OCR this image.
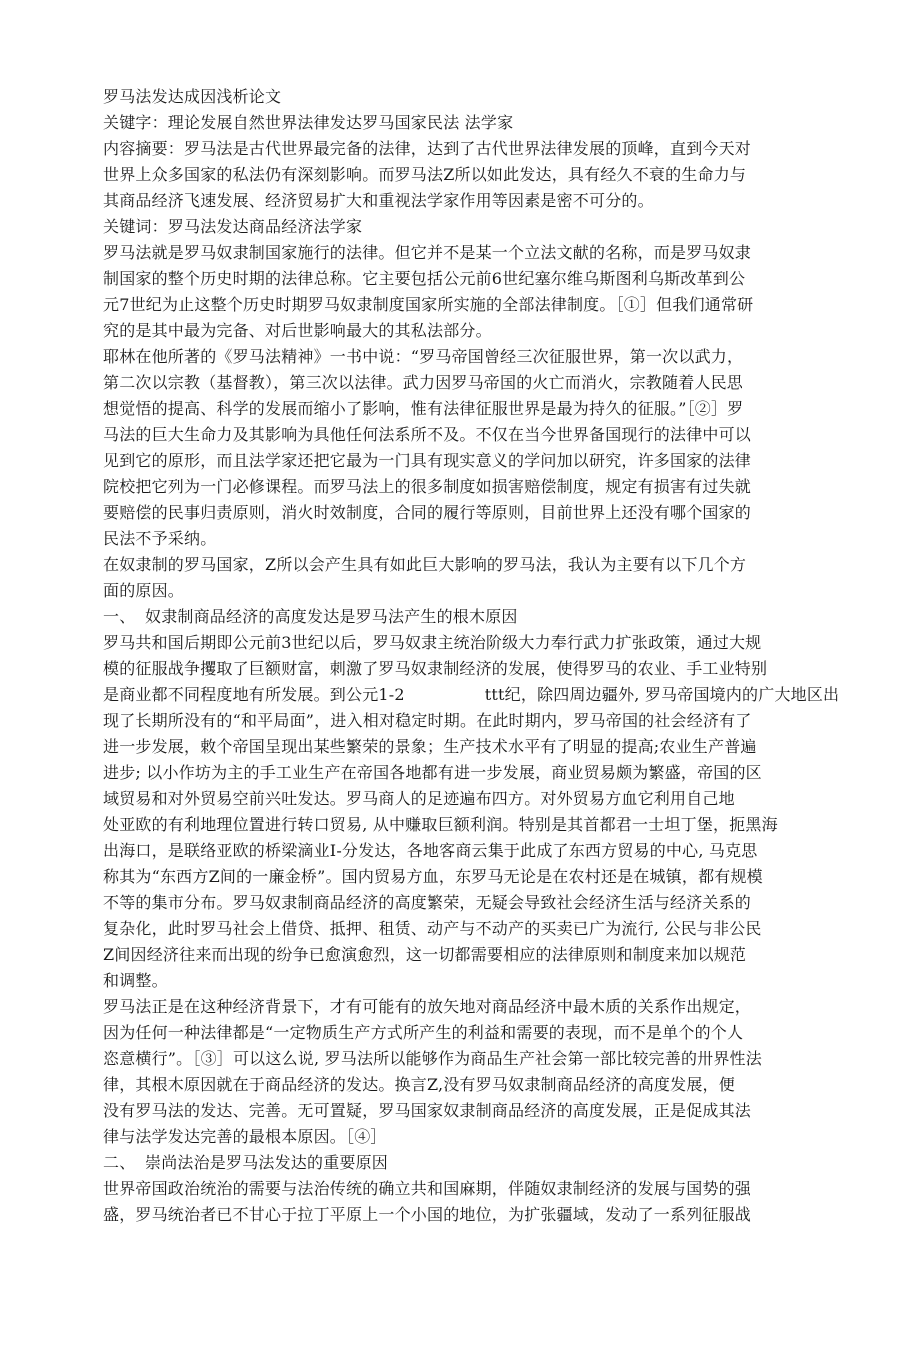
罗马法发达成因浅析论文
关键字：理论发展自然世界法律发达罗马国家民法 法学家
内容摘要：罗马法是古代世界最完备的法律，达到了古代世界法律发展的顶峰，直到今天对
世界上众多国家的私法仍有深刻影响。而罗马法Z所以如此发达，具有经久不衰的生命力与
其商品经济飞速发展、经济贸易扩大和重视法学家作用等因素是密不可分的。
关键词：罗马法发达商品经济法学家
罗马法就是罗马奴隶制国家施行的法律。但它并不是某一个立法文献的名称，而是罗马奴隶
制国家的整个历史时期的法律总称。它主要包括公元前6世纪塞尔维乌斯图利乌斯改革到公
元7世纪为止这整个历史时期罗马奴隶制度国家所实施的全部法律制度。［①］但我们通常研
究的是其中最为完备、对后世影响最大的其私法部分。
耶林在他所著的《罗马法精神》一书中说：“罗马帝国曾经三次征服世界，第一次以武力，
第二次以宗教（基督教），第三次以法律。武力因罗马帝国的火亡而消火，宗教随着人民思
想觉悟的提高、科学的发展而缩小了影响，惟有法律征服世界是最为持久的征服。”［②］罗
马法的巨大生命力及其影响为具他任何法系所不及。不仅在当今世界备国现行的法律中可以
见到它的原形，而且法学家还把它最为一门具有现实意义的学问加以研究，许多国家的法律
院校把它列为一门必修课程。而罗马法上的很多制度如损害赔偿制度，规定有损害有过失就
要赔偿的民事归责原则，消火时效制度，合同的履行等原则，目前世界上还没有哪个国家的
民法不予采纳。
在奴隶制的罗马国家，Z所以会产生具有如此巨大影响的罗马法，我认为主要有以下几个方
面的原因。
一、 奴隶制商品经济的高度发达是罗马法产生的根木原因
罗马共和国后期即公元前3世纪以后，罗马奴隶主统治阶级大力奉行武力扩张政策，通过大规
模的征服战争攫取了巨额财富，刺激了罗马奴隶制经济的发展，使得罗马的农业、手工业特别
是商业都不同程度地有所发展。到公元1-2	ttt纪，除四周边疆外, 罗马帝国境内的广大地区出
现了长期所没有的“和平局面”，进入相对稳定时期。在此时期内，罗马帝国的社会经济有了
进一步发展，敕个帝国呈现出某些繁荣的景象；生产技术水平有了明显的提高;农业生产普遍
进步; 以小作坊为主的手工业生产在帝国各地都有进一步发展，商业贸易颇为繁盛，帝国的区
域贸易和对外贸易空前兴吐发达。罗马商人的足迹遍布四方。对外贸易方血它利用自己地
处亚欧的有利地理位置进行转口贸易, 从中赚取巨额利润。特别是其首都君一士坦丁堡，扼黑海
出海口，是联络亚欧的桥梁滴业I-分发达，各地客商云集于此成了东西方贸易的中心, 马克思
称其为“东西方Z间的一廉金桥”。国内贸易方血，东罗马无论是在农村还是在城镇，都有规模
不等的集市分布。罗马奴隶制商品经济的高度繁荣，无疑会导致社会经济生活与经济关系的
复杂化，此时罗马社会上借贷、抵押、租赁、动产与不动产的买卖已广为流行, 公民与非公民
Z间因经济往来而出现的纷争已愈演愈烈，这一切都需要相应的法律原则和制度来加以规范
和调整。
罗马法正是在这种经济背景下，才有可能有的放矢地对商品经济中最木质的关系作出规定，
因为任何一种法律都是“一定物质生产方式所产生的利益和需要的表现，而不是单个的个人
恣意横行”。［③］可以这么说, 罗马法所以能够作为商品生产社会第一部比较完善的卅界性法
律，其根木原因就在于商品经济的发达。换言Z,没有罗马奴隶制商品经济的高度发展，便
没有罗马法的发达、完善。无可置疑，罗马国家奴隶制商品经济的高度发展，正是促成其法
律与法学发达完善的最根本原因。［④］
二、 崇尚法治是罗马法发达的重要原因
世界帝国政治统治的需要与法治传统的确立共和国麻期，伴随奴隶制经济的发展与国势的强
盛，罗马统治者已不甘心于拉丁平原上一个小国的地位，为扩张疆域，发动了一系列征服战
